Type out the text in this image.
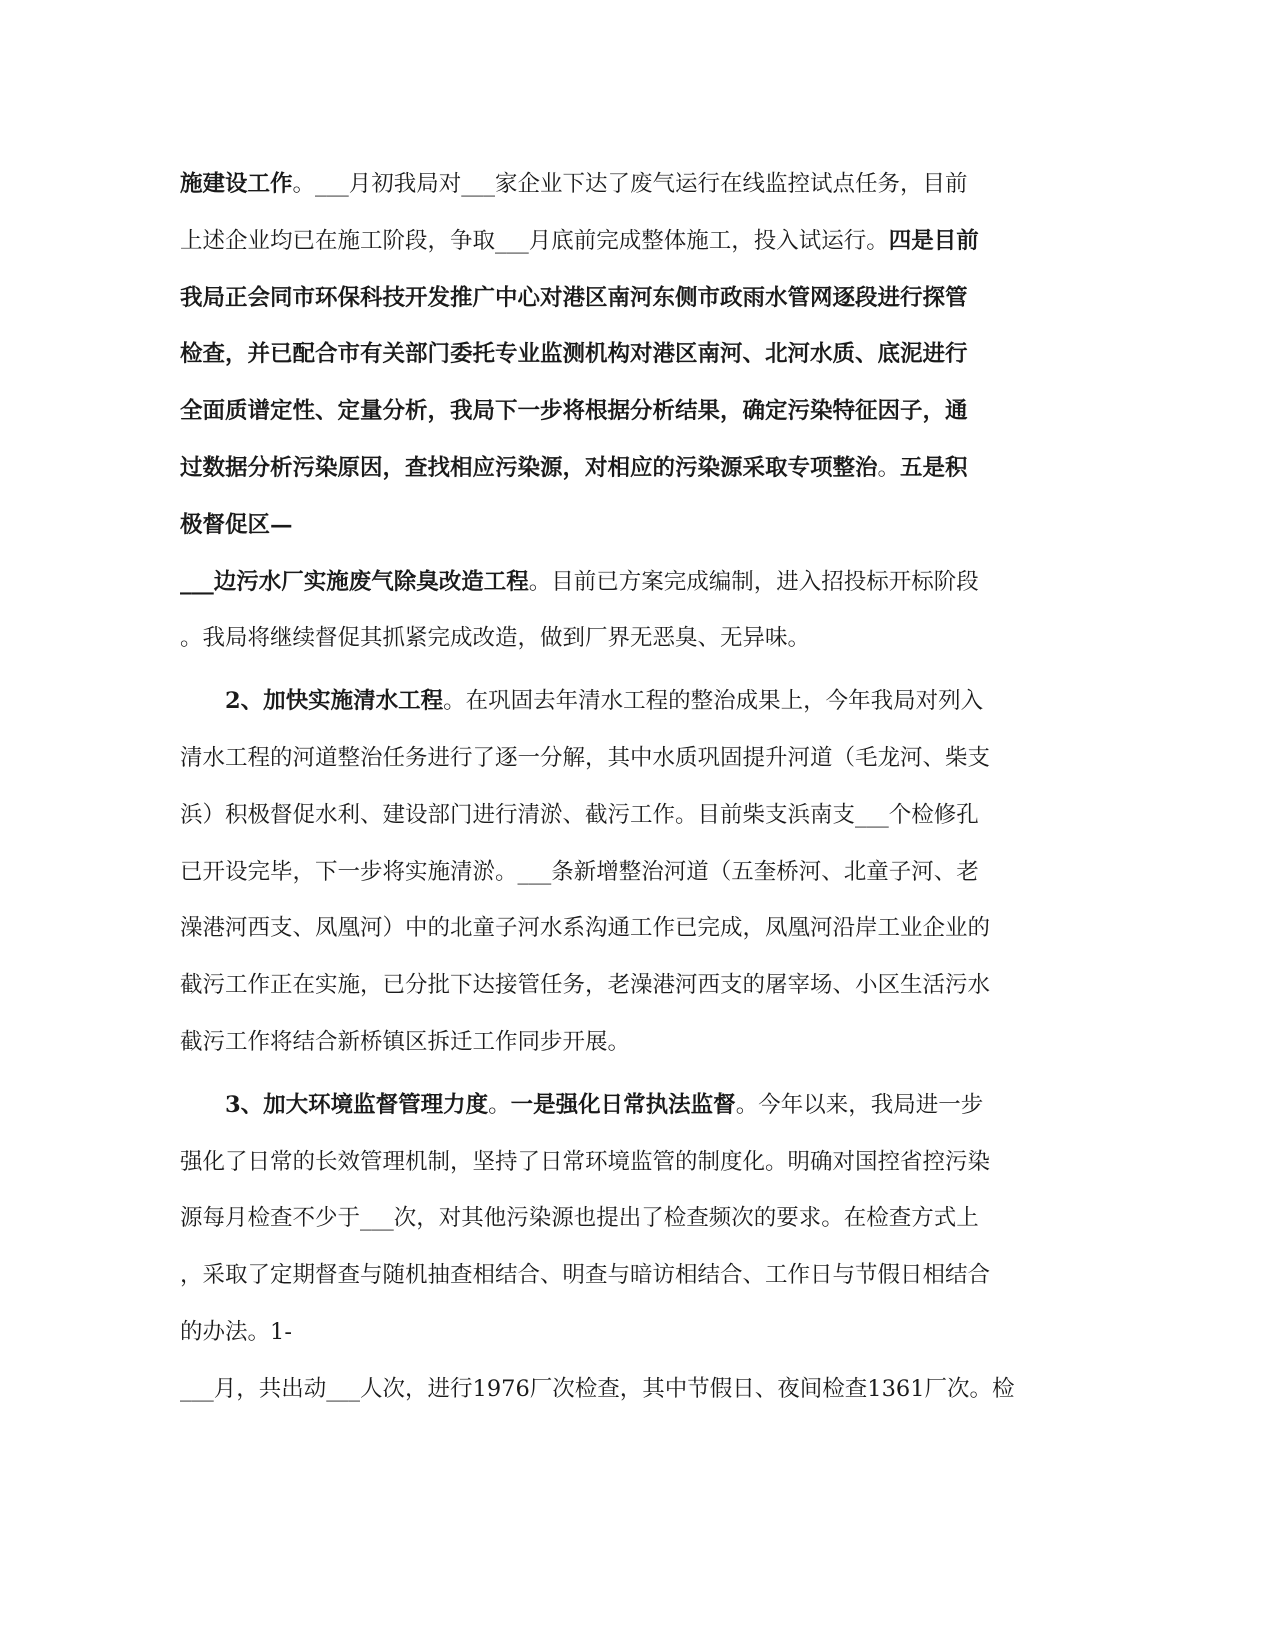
施建设工作。___月初我局对___家企业下达了废气运行在线监控试点任务，目前
上述企业均已在施工阶段，争取___月底前完成整体施工，投入试运行。四是目前
我局正会同市环保科技开发推广中心对港区南河东侧市政雨水管网逐段进行探管
检查，并已配合市有关部门委托专业监测机构对港区南河、北河水质、底泥进行
全面质谱定性、定量分析，我局下一步将根据分析结果，确定污染特征因子，通
过数据分析污染原因，查找相应污染源，对相应的污染源采取专项整治。五是积
极督促区—
___边污水厂实施废气除臭改造工程。目前已方案完成编制，进入招投标开标阶段
。我局将继续督促其抓紧完成改造，做到厂界无恶臭、无异味。
2、加快实施清水工程。在巩固去年清水工程的整治成果上，今年我局对列入
清水工程的河道整治任务进行了逐一分解，其中水质巩固提升河道（毛龙河、柴支
浜）积极督促水利、建设部门进行清淤、截污工作。目前柴支浜南支___个检修孔
已开设完毕，下一步将实施清淤。___条新增整治河道（五奎桥河、北童子河、老
澡港河西支、凤凰河）中的北童子河水系沟通工作已完成，凤凰河沿岸工业企业的
截污工作正在实施，已分批下达接管任务，老澡港河西支的屠宰场、小区生活污水
截污工作将结合新桥镇区拆迁工作同步开展。
3、加大环境监督管理力度。一是强化日常执法监督。今年以来，我局进一步
强化了日常的长效管理机制，坚持了日常环境监管的制度化。明确对国控省控污染
源每月检查不少于___次，对其他污染源也提出了检查频次的要求。在检查方式上
，采取了定期督查与随机抽查相结合、明查与暗访相结合、工作日与节假日相结合
的办法。1-
___月，共出动___人次，进行1976厂次检查，其中节假日、夜间检查1361厂次。检
